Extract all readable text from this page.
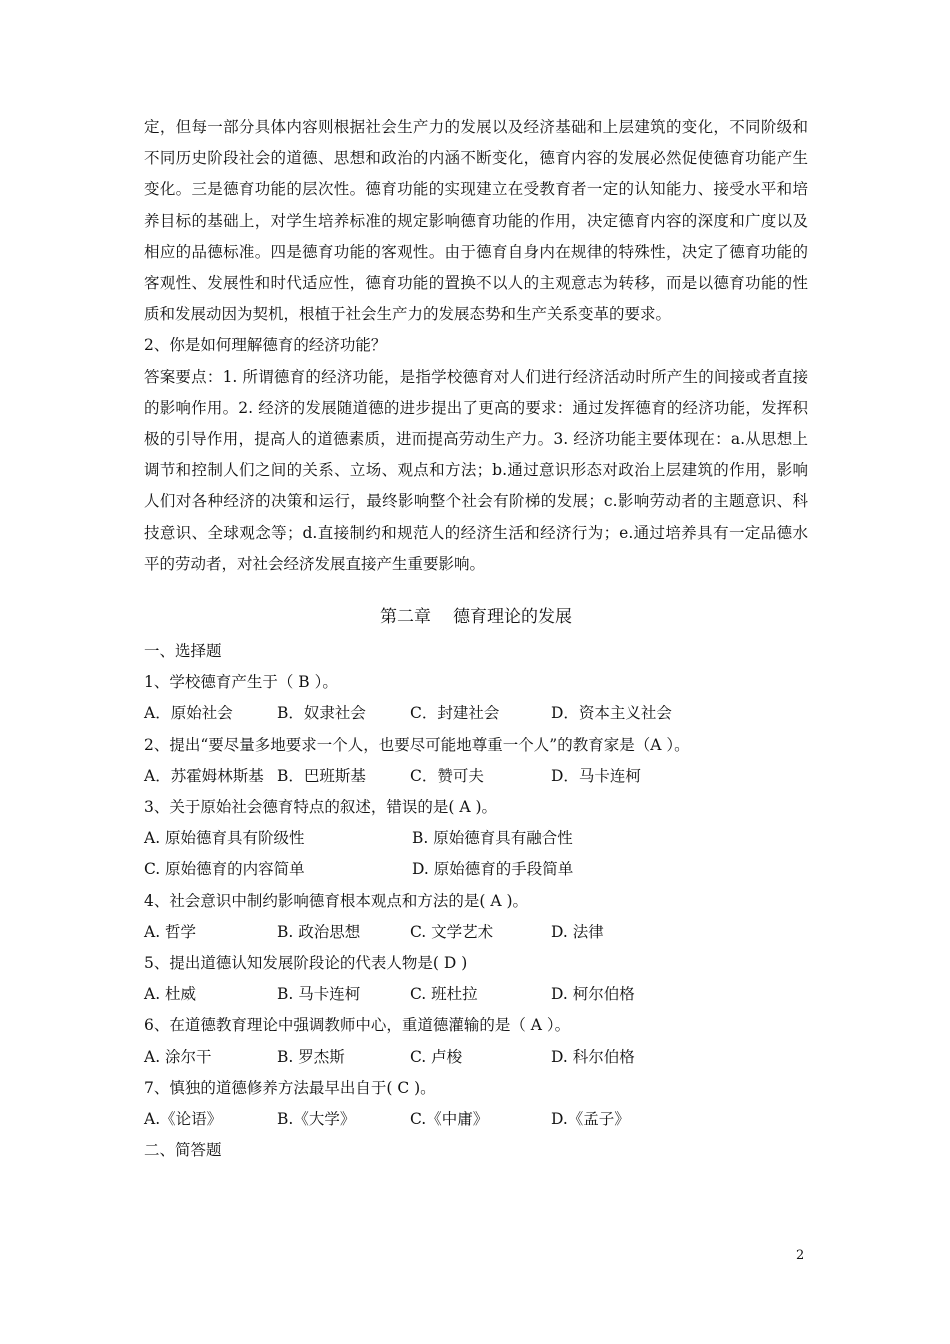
定，但每一部分具体内容则根据社会生产力的发展以及经济基础和上层建筑的变化，不同阶级和不同历史阶段社会的道德、思想和政治的内涵不断变化，德育内容的发展必然促使德育功能产生变化。三是德育功能的层次性。德育功能的实现建立在受教育者一定的认知能力、接受水平和培养目标的基础上，对学生培养标准的规定影响德育功能的作用，决定德育内容的深度和广度以及相应的品德标准。四是德育功能的客观性。由于德育自身内在规律的特殊性，决定了德育功能的客观性、发展性和时代适应性，德育功能的置换不以人的主观意志为转移，而是以德育功能的性质和发展动因为契机，根植于社会生产力的发展态势和生产关系变革的要求。

2、你是如何理解德育的经济功能？

答案要点：1. 所谓德育的经济功能，是指学校德育对人们进行经济活动时所产生的间接或者直接的影响作用。2. 经济的发展随道德的进步提出了更高的要求：通过发挥德育的经济功能，发挥积极的引导作用，提高人的道德素质，进而提高劳动生产力。3. 经济功能主要体现在：a.从思想上调节和控制人们之间的关系、立场、观点和方法；b.通过意识形态对政治上层建筑的作用，影响人们对各种经济的决策和运行，最终影响整个社会有阶梯的发展；c.影响劳动者的主题意识、科技意识、全球观念等；d.直接制约和规范人的经济生活和经济行为；e.通过培养具有一定品德水平的劳动者，对社会经济发展直接产生重要影响。

第二章 德育理论的发展

一、选择题

1、学校德育产生于（ B ）。

A．原始社会	B．奴隶社会	C．封建社会	D．资本主义社会

2、提出“要尽量多地要求一个人，也要尽可能地尊重一个人”的教育家是（A ）。

A．苏霍姆林斯基 B．巴班斯基	C．赞可夫	D．马卡连柯

3、关于原始社会德育特点的叙述，错误的是( A )。

A. 原始德育具有阶级性	B. 原始德育具有融合性
C. 原始德育的内容简单	D. 原始德育的手段简单

4、社会意识中制约影响德育根本观点和方法的是( A )。

A. 哲学	B. 政治思想	C. 文学艺术	D. 法律

5、提出道德认知发展阶段论的代表人物是( D )

A. 杜威	B. 马卡连柯	C. 班杜拉	D. 柯尔伯格

6、在道德教育理论中强调教师中心，重道德灌输的是（ A ）。

A. 涂尔干	B. 罗杰斯	C. 卢梭	D. 科尔伯格

7、慎独的道德修养方法最早出自于( C )。

A.《论语》	B.《大学》	C.《中庸》	D.《孟子》

二、简答题

2
